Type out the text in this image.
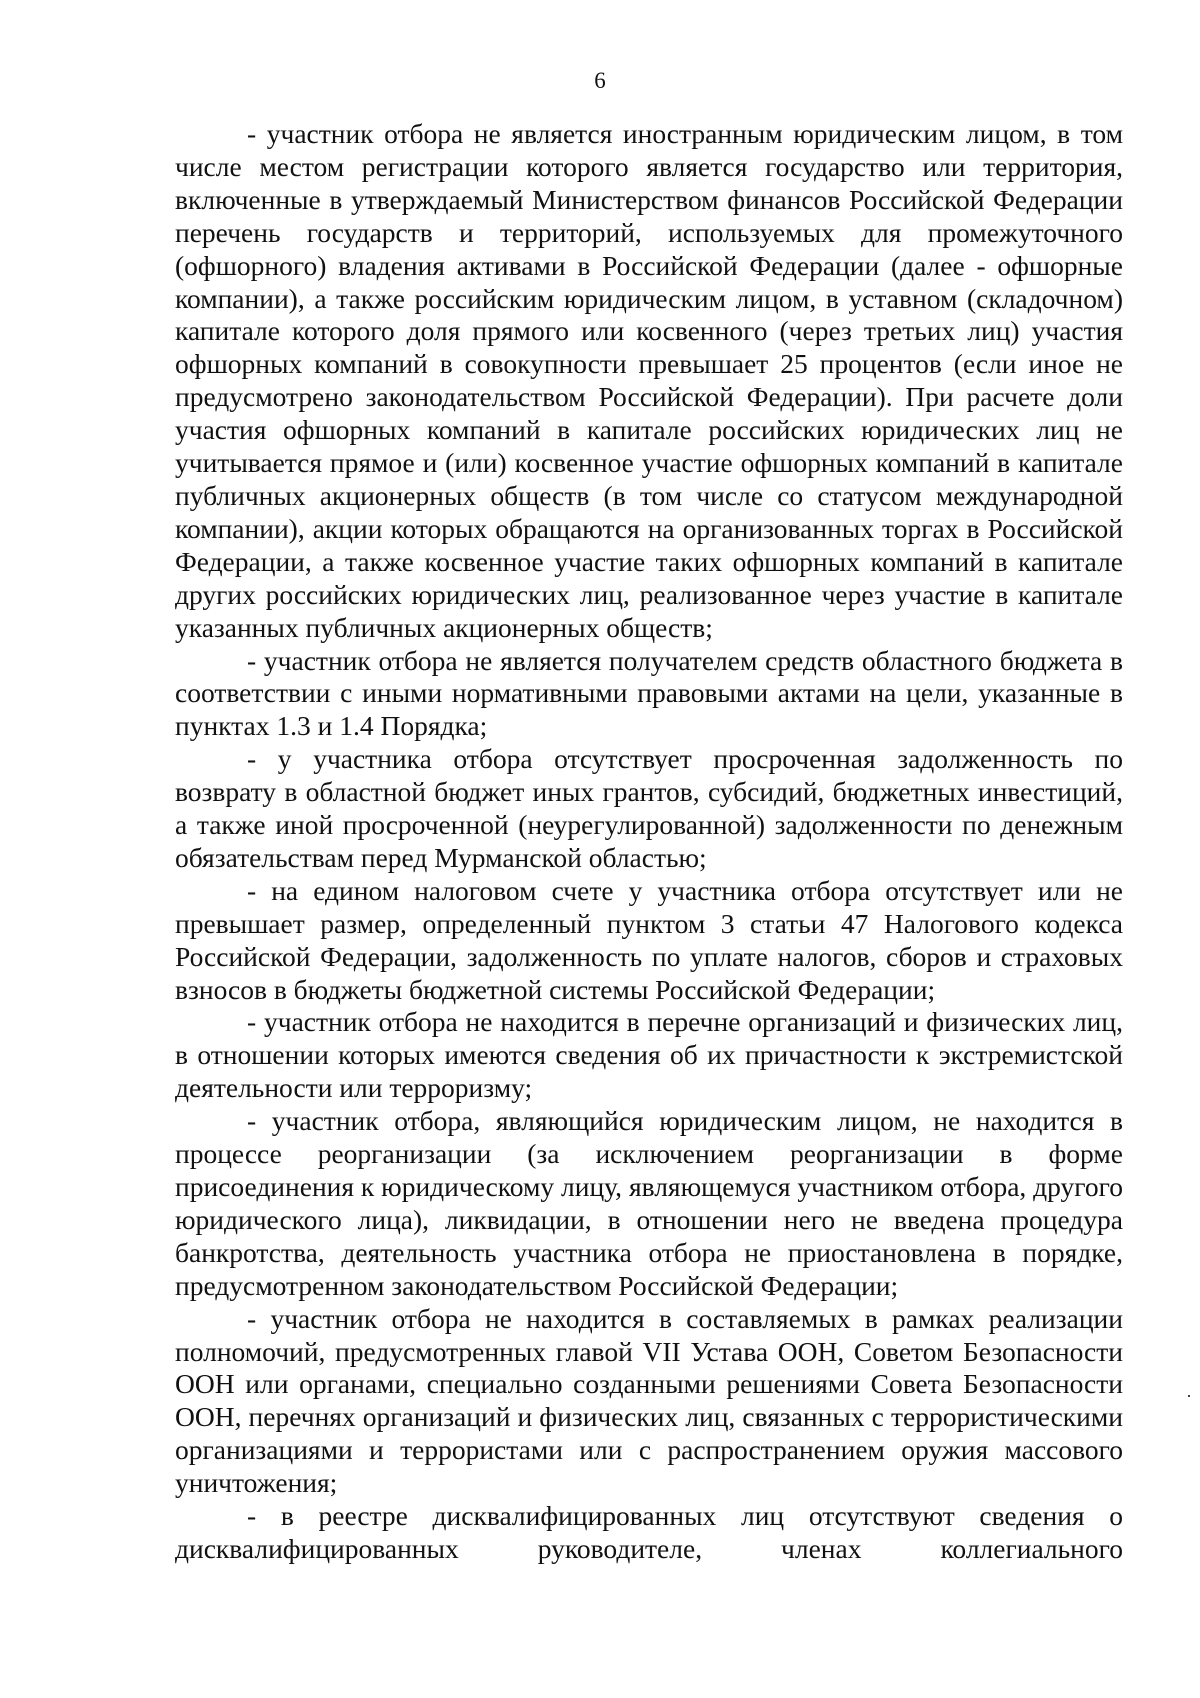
6

- участник отбора не является иностранным юридическим лицом, в том числе местом регистрации которого является государство или территория, включенные в утверждаемый Министерством финансов Российской Федерации перечень государств и территорий, используемых для промежуточного (офшорного) владения активами в Российской Федерации (далее - офшорные компании), а также российским юридическим лицом, в уставном (складочном) капитале которого доля прямого или косвенного (через третьих лиц) участия офшорных компаний в совокупности превышает 25 процентов (если иное не предусмотрено законодательством Российской Федерации). При расчете доли участия офшорных компаний в капитале российских юридических лиц не учитывается прямое и (или) косвенное участие офшорных компаний в капитале публичных акционерных обществ (в том числе со статусом международной компании), акции которых обращаются на организованных торгах в Российской Федерации, а также косвенное участие таких офшорных компаний в капитале других российских юридических лиц, реализованное через участие в капитале указанных публичных акционерных обществ;

- участник отбора не является получателем средств областного бюджета в соответствии с иными нормативными правовыми актами на цели, указанные в пунктах 1.3 и 1.4 Порядка;

- у участника отбора отсутствует просроченная задолженность по возврату в областной бюджет иных грантов, субсидий, бюджетных инвестиций, а также иной просроченной (неурегулированной) задолженности по денежным обязательствам перед Мурманской областью;

- на едином налоговом счете у участника отбора отсутствует или не превышает размер, определенный пунктом 3 статьи 47 Налогового кодекса Российской Федерации, задолженность по уплате налогов, сборов и страховых взносов в бюджеты бюджетной системы Российской Федерации;

- участник отбора не находится в перечне организаций и физических лиц, в отношении которых имеются сведения об их причастности к экстремистской деятельности или терроризму;

- участник отбора, являющийся юридическим лицом, не находится в процессе реорганизации (за исключением реорганизации в форме присоединения к юридическому лицу, являющемуся участником отбора, другого юридического лица), ликвидации, в отношении него не введена процедура банкротства, деятельность участника отбора не приостановлена в порядке, предусмотренном законодательством Российской Федерации;

- участник отбора не находится в составляемых в рамках реализации полномочий, предусмотренных главой VII Устава ООН, Советом Безопасности ООН или органами, специально созданными решениями Совета Безопасности ООН, перечнях организаций и физических лиц, связанных с террористическими организациями и террористами или с распространением оружия массового уничтожения;

- в реестре дисквалифицированных лиц отсутствуют сведения о дисквалифицированных руководителе, членах коллегиального
